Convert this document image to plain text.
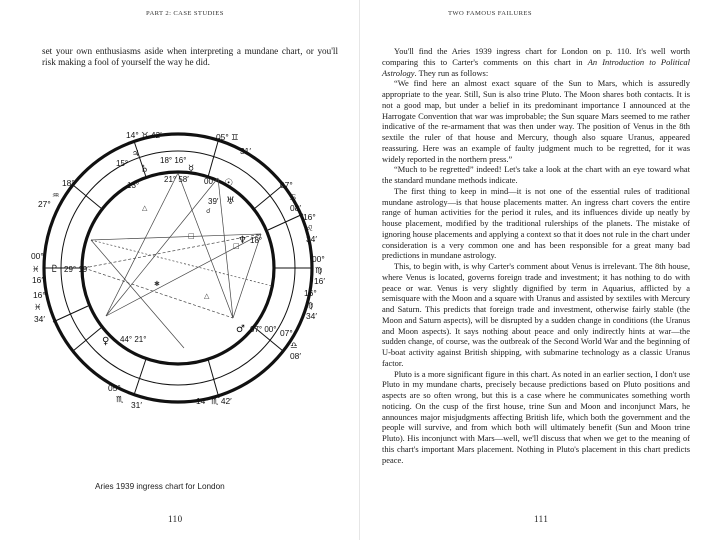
PART 2: CASE STUDIES

set your own enthusiasms aside when interpreting a mundane chart, or you'll risk making a fool of yourself the way he did.

△
□
□
△
✱
☌
14° ♉ 42′	05° ♊
31′
07°
♋
08′
16°
♌
34′
00°
♍
16′
16°
♍
34′
07°
♎
08′
05°
♏
31′	14° ♏ 42′
18°
♒
27°
00°
♓
16′
16°
♓
34′
♃
13°
18° 16°
21° 58′
15°
00°
39′
18°
29° 19′
07° 00°
44° 21°
♇
♂
♀
♆
☿
♄
☉
♅
Aries 1939 ingress chart for London
110
TWO FAMOUS FAILURES

You'll find the Aries 1939 ingress chart for London on p. 110. It's well worth comparing this to Carter's comments on this chart in An Introduction to Political Astrology. They run as follows:

“We find here an almost exact square of the Sun to Mars, which is assuredly appropriate to the year. Still, Sun is also trine Pluto. The Moon shares both contacts. It is not a good map, but under a belief in its predominant importance I announced at the Harrogate Convention that war was improbable; the Sun square Mars seemed to me rather indicative of the re-armament that was then under way. The position of Venus in the 8th sextile the ruler of that house and Mercury, though also square Uranus, appeared reassuring. Here was an example of faulty judgment much to be regretted, for it was widely reported in the northern press.”

“Much to be regretted” indeed! Let's take a look at the chart with an eye toward what the standard mundane methods indicate.

The first thing to keep in mind—it is not one of the essential rules of traditional mundane astrology—is that house placements matter. An ingress chart covers the entire range of human activities for the period it rules, and its influences divide up neatly by house placement, modified by the traditional rulerships of the planets. The mistake of ignoring house placements and applying a context so that it does not rule in the chart under consideration is a very common one and has been responsible for a great many bad predictions in mundane astrology.

This, to begin with, is why Carter's comment about Venus is irrelevant. The 8th house, where Venus is located, governs foreign trade and investment; it has nothing to do with peace or war. Venus is very slightly dignified by term in Aquarius, afflicted by a semisquare with the Moon and a square with Uranus and assisted by sextiles with Mercury and Saturn. This predicts that foreign trade and investment, otherwise fairly stable (the Moon and Saturn aspects), will be disrupted by a sudden change in conditions (the Uranus and Moon aspects). It says nothing about peace and only indirectly hints at war—the sudden change, of course, was the outbreak of the Second World War and the beginning of U-boat activity against British shipping, with submarine technology as a classic Uranus factor.

Pluto is a more significant figure in this chart. As noted in an earlier section, I don't use Pluto in my mundane charts, precisely because predictions based on Pluto positions and aspects are so often wrong, but this is a case where he communicates something worth noticing. On the cusp of the first house, trine Sun and Moon and inconjunct Mars, he announces major misjudgments affecting British life, which both the government and the people will survive, and from which both will ultimately benefit (Sun and Moon trine Pluto). His inconjunct with Mars—well, we'll discuss that when we get to the meaning of this chart's important Mars placement. Nothing in Pluto's placement in this chart predicts peace.

111
